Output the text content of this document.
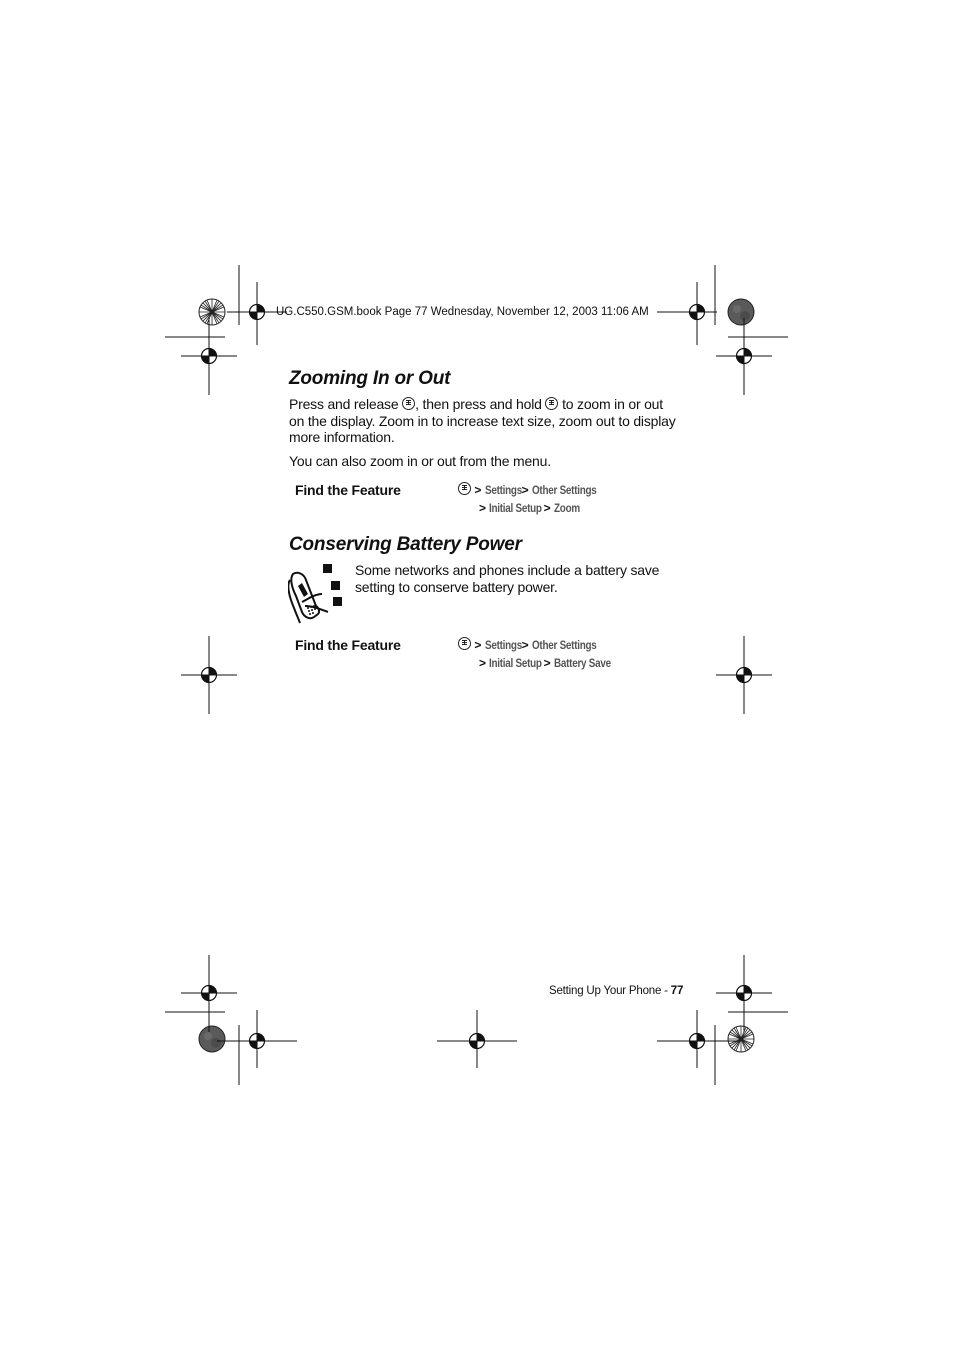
UG.C550.GSM.book Page 77 Wednesday, November 12, 2003 11:06 AM
Zooming In or Out
Press and release , then press and hold  to zoom in or out on the display. Zoom in to increase text size, zoom out to display more information.
You can also zoom in or out from the menu.
Find the Feature	> Settings> Other Settings
> Initial Setup > Zoom
Conserving Battery Power
Some networks and phones include a battery save setting to conserve battery power.
Find the Feature	> Settings> Other Settings
> Initial Setup > Battery Save
Setting Up Your Phone - 77
